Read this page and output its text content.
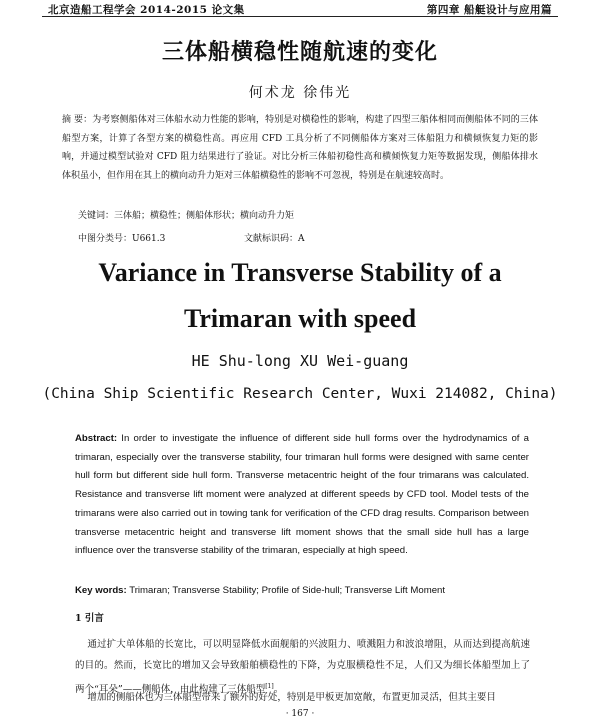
北京造船工程学会 2014-2015 论文集	第四章 船艇设计与应用篇
三体船横稳性随航速的变化
何术龙 徐伟光
摘 要：为考察侧船体对三体船水动力性能的影响，特别是对横稳性的影响，构建了四型三船体相同而侧船体不同的三体船型方案，计算了各型方案的横稳性高。再应用 CFD 工具分析了不同侧船体方案对三体船阻力和横倾恢复力矩的影响，并通过模型试验对 CFD 阻力结果进行了验证。对比分析三体船初稳性高和横倾恢复力矩等数据发现，侧船体排水体积虽小，但作用在其上的横向动升力矩对三体船横稳性的影响不可忽视，特别是在航速较高时。
关键词：三体船；横稳性；侧船体形状；横向动升力矩
中图分类号：U661.3	文献标识码：A
Variance in Transverse Stability of a
Trimaran with speed
HE Shu-long XU Wei-guang
(China Ship Scientific Research Center, Wuxi 214082, China)
Abstract: In order to investigate the influence of different side hull forms over the hydrodynamics of a trimaran, especially over the transverse stability, four trimaran hull forms were designed with same center hull form but different side hull form. Transverse metacentric height of the four trimarans was calculated. Resistance and transverse lift moment were analyzed at different speeds by CFD tool. Model tests of the trimarans were also carried out in towing tank for verification of the CFD drag results. Comparison between transverse metacentric height and transverse lift moment shows that the small side hull has a large influence over the transverse stability of the trimaran, especially at high speed.
Key words: Trimaran; Transverse Stability; Profile of Side-hull; Transverse Lift Moment
1 引言
通过扩大单体船的长宽比，可以明显降低水面舰船的兴波阻力、喷溅阻力和波浪增阻，从而达到提高航速的目的。然而，长宽比的增加又会导致船舶横稳性的下降，为克服横稳性不足，人们又为细长体船型加上了两个“耳朵”——侧船体，由此构建了三体船型[1]。
增加的侧船体也为三体船型带来了额外的好处，特别是甲板更加宽敞，布置更加灵活，但其主要目
· 167 ·
